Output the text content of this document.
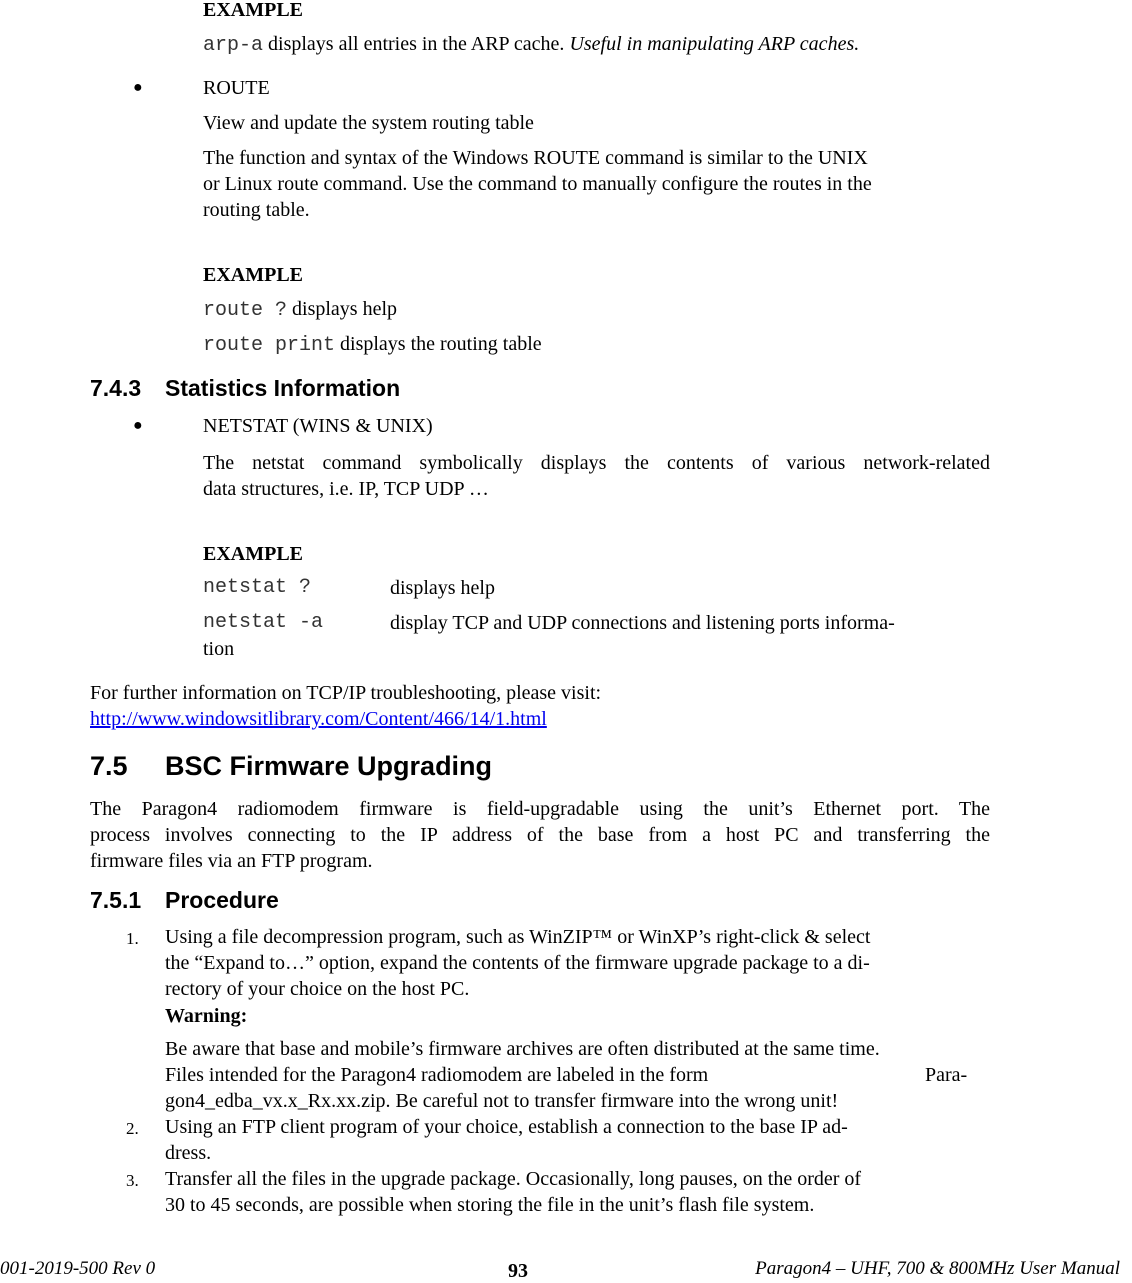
EXAMPLE
arp-a displays all entries in the ARP cache. Useful in manipulating ARP caches.
●	ROUTE
View and update the system routing table
The function and syntax of the Windows ROUTE command is similar to the UNIX
or Linux route command. Use the command to manually configure the routes in the
routing table.
EXAMPLE
route ? displays help
route print displays the routing table
7.4.3 Statistics Information
●	NETSTAT (WINS & UNIX)
The netstat command symbolically displays the contents of various network-related
data structures, i.e. IP, TCP UDP …
EXAMPLE
netstat ?	displays help
netstat -a	display TCP and UDP connections and listening ports informa-
tion
For further information on TCP/IP troubleshooting, please visit:
http://www.windowsitlibrary.com/Content/466/14/1.html
7.5 BSC Firmware Upgrading
The Paragon4 radiomodem firmware is field-upgradable using the unit’s Ethernet port. The
process involves connecting to the IP address of the base from a host PC and transferring the
firmware files via an FTP program.
7.5.1 Procedure
1. Using a file decompression program, such as WinZIP™ or WinXP’s right-click & select
the “Expand to…” option, expand the contents of the firmware upgrade package to a di-
rectory of your choice on the host PC.
Warning:
Be aware that base and mobile’s firmware archives are often distributed at the same time.
Files intended for the Paragon4 radiomodem are labeled in the form	Para-
gon4_edba_vx.x_Rx.xx.zip. Be careful not to transfer firmware into the wrong unit!
2. Using an FTP client program of your choice, establish a connection to the base IP ad-
dress.
3. Transfer all the files in the upgrade package. Occasionally, long pauses, on the order of
30 to 45 seconds, are possible when storing the file in the unit’s flash file system.
001-2019-500 Rev 0	93	Paragon4 – UHF, 700 & 800MHz User Manual
